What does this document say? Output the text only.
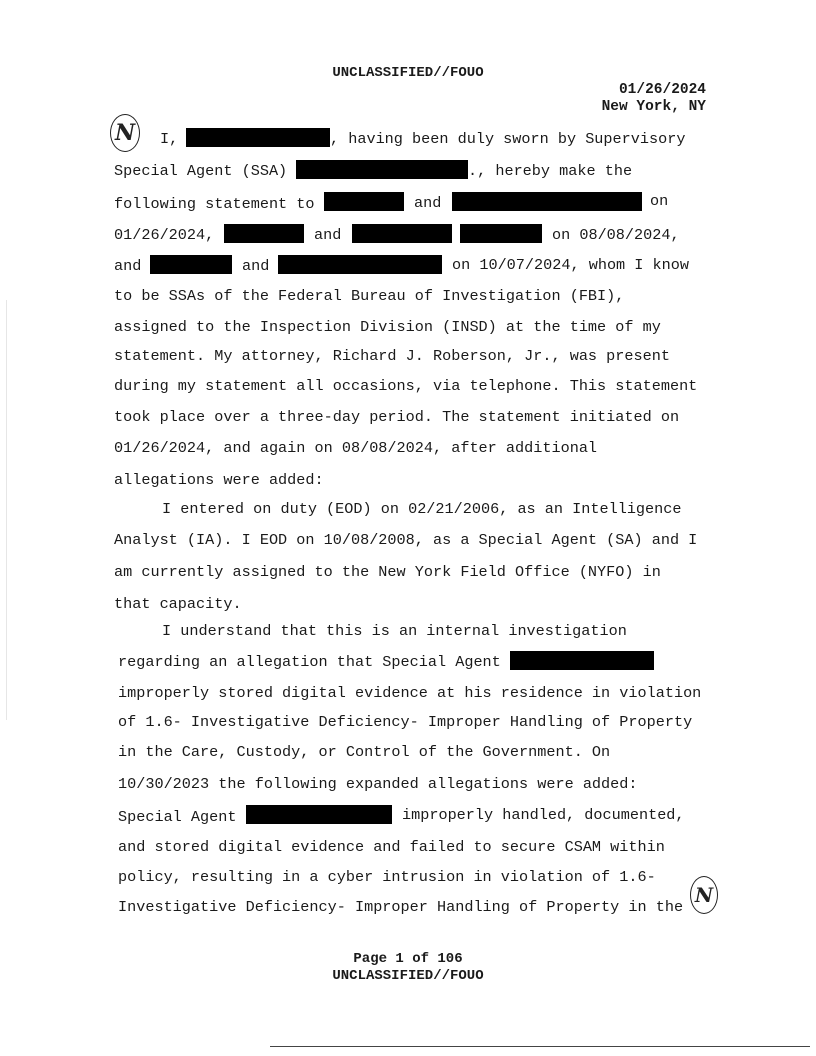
UNCLASSIFIED//FOUO
01/26/2024
New York, NY
N	I,	, having been duly sworn by Supervisory
Special Agent (SSA)	., hereby make the
following statement to	and	on
01/26/2024,	and	on 08/08/2024,
and	and	on 10/07/2024, whom I know
to be SSAs of the Federal Bureau of Investigation (FBI),
assigned to the Inspection Division (INSD) at the time of my
statement. My attorney, Richard J. Roberson, Jr., was present
during my statement all occasions, via telephone. This statement
took place over a three-day period. The statement initiated on
01/26/2024, and again on 08/08/2024, after additional
allegations were added:
I entered on duty (EOD) on 02/21/2006, as an Intelligence
Analyst (IA). I EOD on 10/08/2008, as a Special Agent (SA) and I
am currently assigned to the New York Field Office (NYFO) in
that capacity.
I understand that this is an internal investigation
regarding an allegation that Special Agent
improperly stored digital evidence at his residence in violation
of 1.6- Investigative Deficiency- Improper Handling of Property
in the Care, Custody, or Control of the Government. On
10/30/2023 the following expanded allegations were added:
Special Agent	improperly handled, documented,
and stored digital evidence and failed to secure CSAM within
policy, resulting in a cyber intrusion in violation of 1.6-
Investigative Deficiency- Improper Handling of Property in the N
Page 1 of 106
UNCLASSIFIED//FOUO
